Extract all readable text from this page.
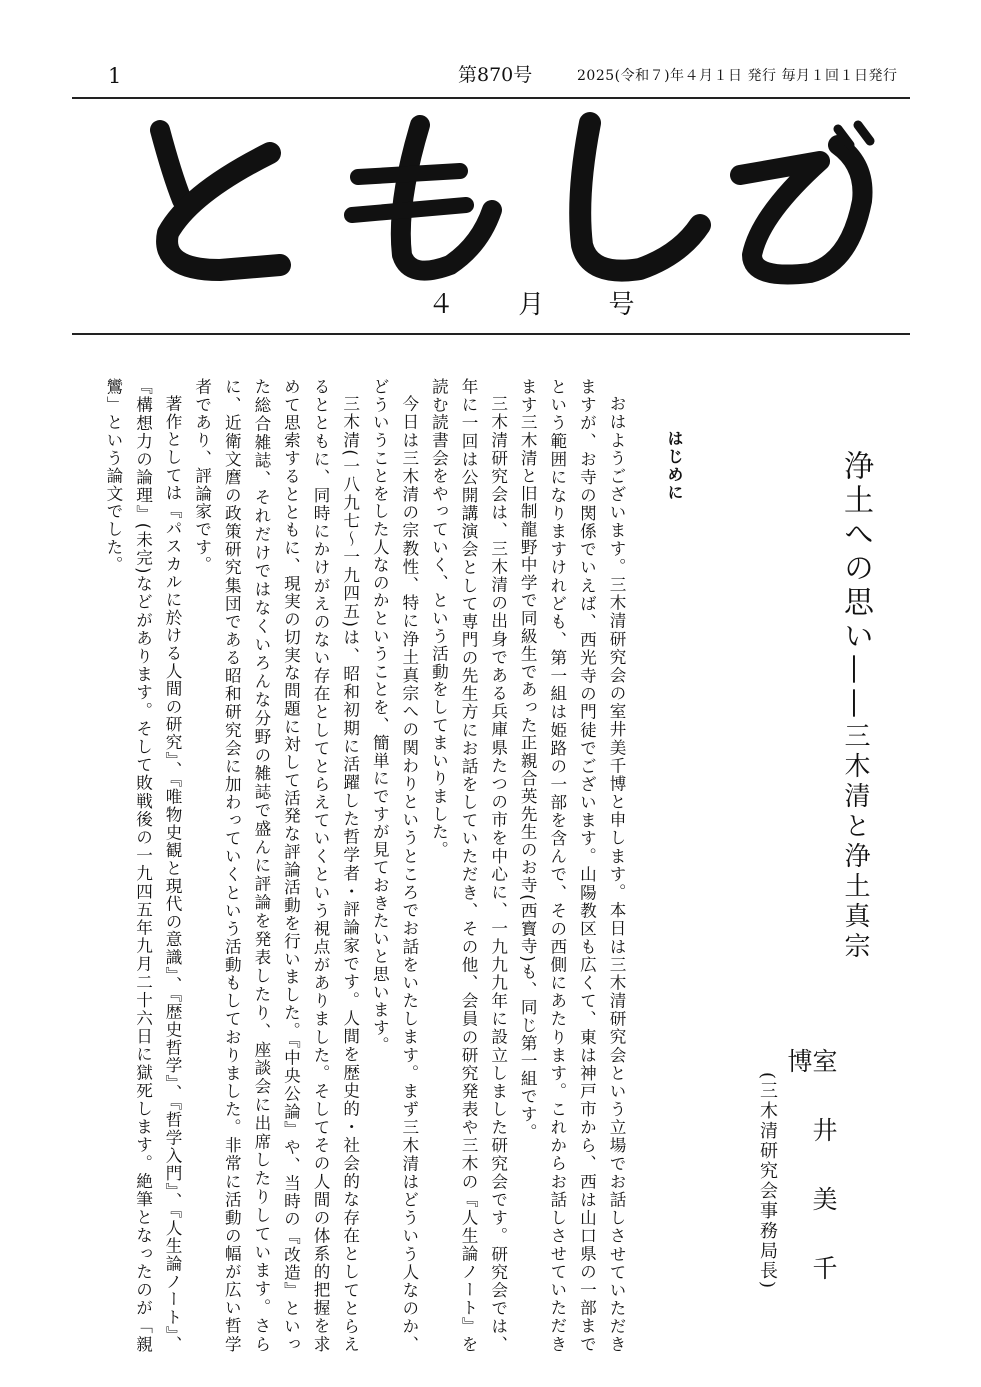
1	第870号	2025(令和７)年４月１日 発行 毎月１回１日発行
４ 月 号
浄土への思い——三木清と浄土真宗
室 井 美 千 博
(三木清研究会事務局長)
はじめに

おはようございます。三木清研究会の室井美千博と申します。本日は三木清研究会という立場でお話しさせていただきますが、お寺の関係でいえば、西光寺の門徒でございます。山陽教区も広くて、東は神戸市から、西は山口県の一部までという範囲になりますけれども、第一組は姫路の一部を含んで、その西側にあたります。これからお話しさせていただきます三木清と旧制龍野中学で同級生であった正親合英先生のお寺(西寳寺)も、同じ第一組です。

三木清研究会は、三木清の出身である兵庫県たつの市を中心に、一九九九年に設立しました研究会です。研究会では、年に一回は公開講演会として専門の先生方にお話をしていただき、その他、会員の研究発表や三木の『人生論ノート』を読む読書会をやっていく、という活動をしてまいりました。

今日は三木清の宗教性、特に浄土真宗への関わりというところでお話をいたします。まず三木清はどういう人なのか、どういうことをした人なのかということを、簡単にですが見ておきたいと思います。

三木清(一八九七～一九四五)は、昭和初期に活躍した哲学者・評論家です。人間を歴史的・社会的な存在としてとらえるとともに、同時にかけがえのない存在としてとらえていくという視点がありました。そしてその人間の体系的把握を求めて思索するとともに、現実の切実な問題に対して活発な評論活動を行いました。『中央公論』や、当時の『改造』といった総合雑誌、それだけではなくいろんな分野の雑誌で盛んに評論を発表したり、座談会に出席したりしています。さらに、近衛文麿の政策研究集団である昭和研究会に加わっていくという活動もしておりました。非常に活動の幅が広い哲学者であり、評論家です。

著作としては『パスカルに於ける人間の研究』、『唯物史観と現代の意識』、『歴史哲学』、『哲学入門』、『人生論ノート』、『構想力の論理』(未完)などがあります。そして敗戦後の一九四五年九月二十六日に獄死します。絶筆となったのが「親鸞」という論文でした。
